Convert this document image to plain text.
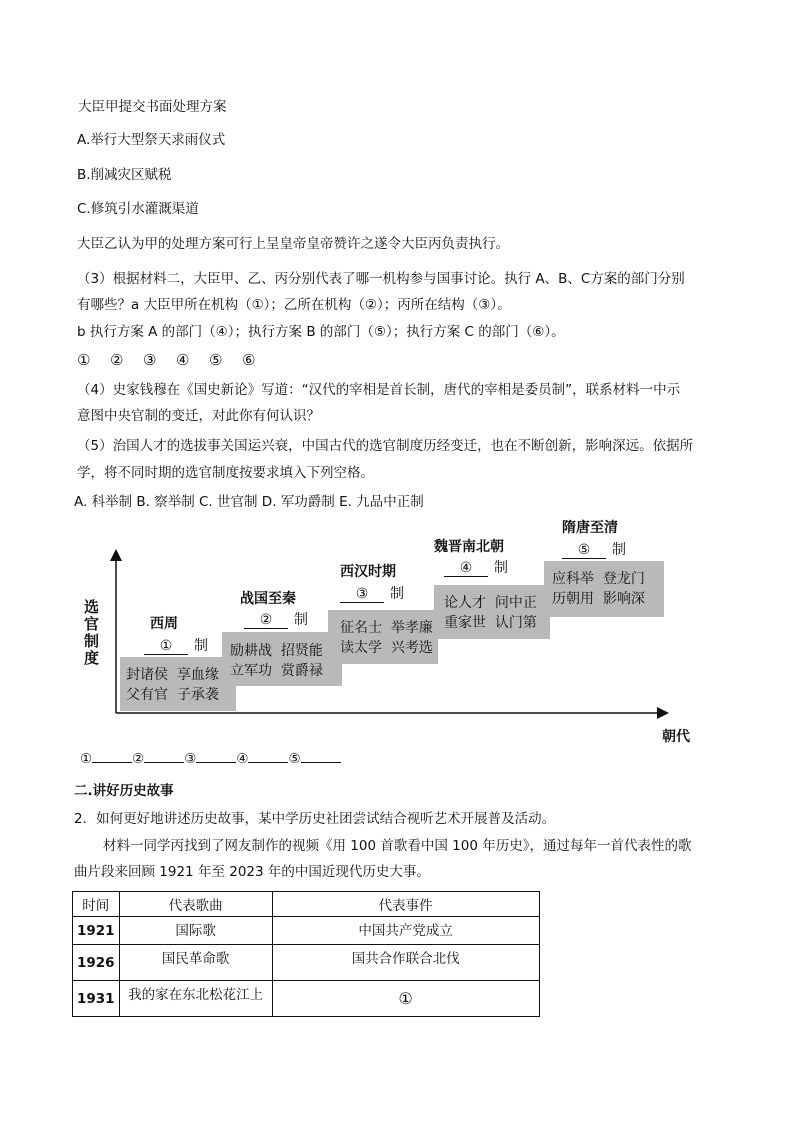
大臣甲提交书面处理方案
A.举行大型祭天求雨仪式
B.削减灾区赋税
C.修筑引水灌溉渠道
大臣乙认为甲的处理方案可行上呈皇帝皇帝赞许之遂令大臣丙负责执行。
（3）根据材料二，大臣甲、乙、丙分别代表了哪一机构参与国事讨论。执行 A、B、C方案的部门分别
有哪些？a 大臣甲所在机构（①）；乙所在机构（②）；丙所在结构（③）。
b 执行方案 A 的部门（④）；执行方案 B 的部门（⑤）；执行方案 C 的部门（⑥）。
① ② ③ ④ ⑤ ⑥
（4）史家钱穆在《国史新论》写道：“汉代的宰相是首长制，唐代的宰相是委员制”，联系材料一中示
意图中央官制的变迁，对此你有何认识？
（5）治国人才的选拔事关国运兴衰，中国古代的选官制度历经变迁，也在不断创新，影响深远。依据所
学，将不同时期的选官制度按要求填入下列空格。
A. 科举制 B. 察举制 C. 世官制 D. 军功爵制 E. 九品中正制
选官制度
朝代
封诸侯  享血缘
父有官  子承袭
西周
① 制 励耕战  招贤能
立军功  赏爵禄
战国至秦
② 制 征名士  举孝廉
读太学  兴考选
西汉时期
③ 制
论人才  问中正
重家世  认门第
魏晋南北朝
④ 制
应科举  登龙门
历朝用  影响深
隋唐至清
⑤ 制
①	②	③	④	⑤
二.讲好历史故事
2．如何更好地讲述历史故事，某中学历史社团尝试结合视听艺术开展普及活动。
材料一同学丙找到了网友制作的视频《用 100 首歌看中国 100 年历史》，通过每年一首代表性的歌
曲片段来回顾 1921 年至 2023 年的中国近现代历史大事。
时间	代表歌曲	代表事件
1921	国际歌	中国共产党成立
1926	国民革命歌	国共合作联合北伐
1931	我的家在东北松花江上	①
